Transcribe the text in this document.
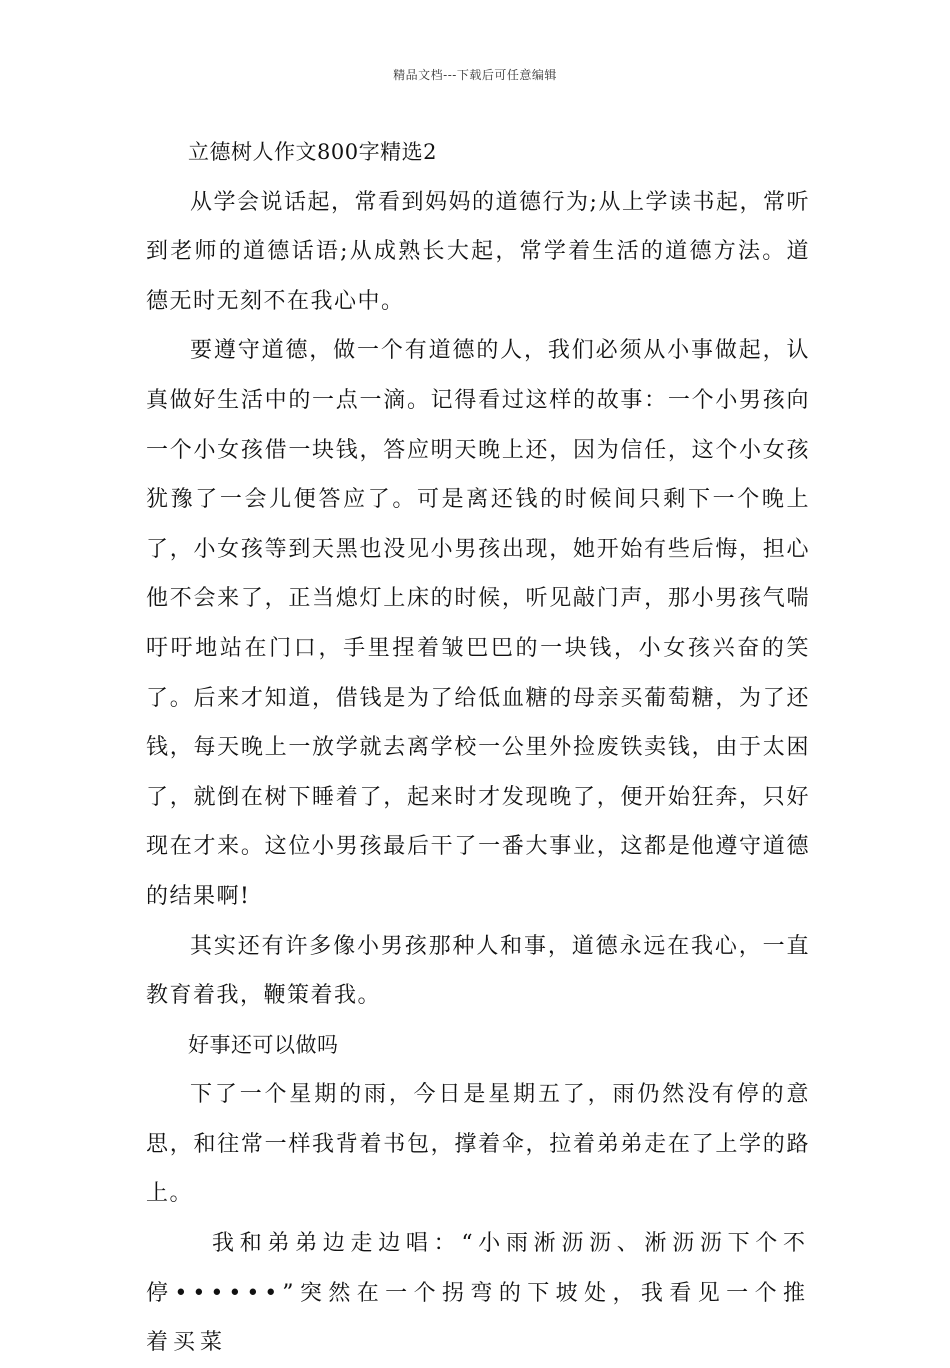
精品文档---下载后可任意编辑

立德树人作文800字精选2

从学会说话起，常看到妈妈的道德行为;从上学读书起，常听到老师的道德话语;从成熟长大起，常学着生活的道德方法。道德无时无刻不在我心中。

要遵守道德，做一个有道德的人，我们必须从小事做起，认真做好生活中的一点一滴。记得看过这样的故事：一个小男孩向一个小女孩借一块钱，答应明天晚上还，因为信任，这个小女孩犹豫了一会儿便答应了。可是离还钱的时候间只剩下一个晚上了，小女孩等到天黑也没见小男孩出现，她开始有些后悔，担心他不会来了，正当熄灯上床的时候，听见敲门声，那小男孩气喘吁吁地站在门口，手里捏着皱巴巴的一块钱，小女孩兴奋的笑了。后来才知道，借钱是为了给低血糖的母亲买葡萄糖，为了还钱，每天晚上一放学就去离学校一公里外捡废铁卖钱，由于太困了，就倒在树下睡着了，起来时才发现晚了，便开始狂奔，只好现在才来。这位小男孩最后干了一番大事业，这都是他遵守道德的结果啊!

其实还有许多像小男孩那种人和事，道德永远在我心，一直教育着我，鞭策着我。

好事还可以做吗

下了一个星期的雨，今日是星期五了，雨仍然没有停的意思，和往常一样我背着书包，撑着伞，拉着弟弟走在了上学的路上。

我和弟弟边走边唱：“小雨淅沥沥、淅沥沥下个不停••••••”突然在一个拐弯的下坡处，我看见一个推着买菜
